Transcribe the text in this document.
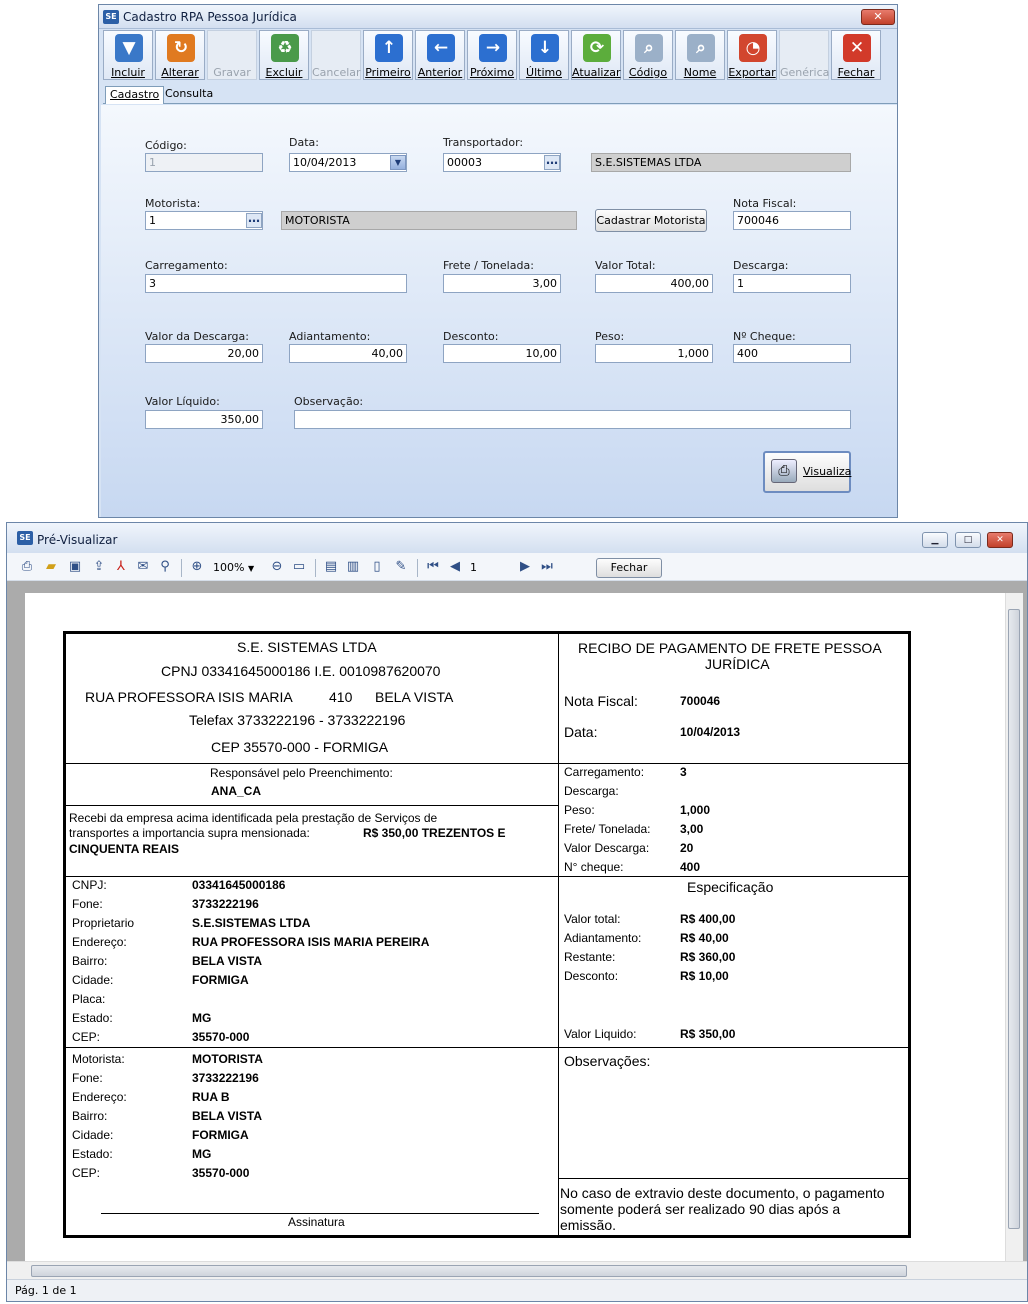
SE Cadastro RPA Pessoa Jurídica	✕
▼
Incluir
↻
Alterar	Gravar
♻
Excluir Cancelar
↑
Primeiro
←
Anterior
→
Próximo
↓
Último
⟳
Atualizar
⌕
Código
⌕
Nome
◔
Exportar Genérica
✕
Fechar
Cadastro Consulta
Código:
1
Data:
10/04/2013	▼
Transportador:
00003	…	S.E.SISTEMAS LTDA
Motorista:
1	…	MOTORISTA	Cadastrar Motorista
Nota Fiscal:
700046
Carregamento:
3
Frete / Tonelada:
3,00
Valor Total:
400,00
Descarga:
1
Valor da Descarga:
20,00
Adiantamento:
40,00
Desconto:
10,00
Peso:
1,000
Nº Cheque:
400
Valor Líquido:
350,00
Observação:
⎙	Visualiza
SE Pré-Visualizar	▁	□	✕
⎙ ▰ ▣ ⇪ ⅄ ✉ ⚲ ⊕ 100% ▼	⊖ ▭ ▤ ▥	▯	✎ ⏮ ◀ 1	▶ ⏭	Fechar
S.E. SISTEMAS LTDA
CPNJ 03341645000186 I.E. 0010987620070
RUA PROFESSORA ISIS MARIA	410 BELA VISTA
Telefax 3733222196 - 3733222196
CEP 35570-000 - FORMIGA
RECIBO DE PAGAMENTO DE FRETE PESSOA
JURÍDICA
Nota Fiscal:	700046
Data:	10/04/2013
Responsável pelo Preenchimento:
ANA_CA
Recebi da empresa acima identificada pela prestação de Serviços de
transportes a importancia supra mensionada:	R$ 350,00 TREZENTOS E
CINQUENTA REAIS
Carregamento:	3
Descarga:
Peso:	1,000
Frete/ Tonelada: 3,00
Valor Descarga:	20
N° cheque:	400
CNPJ:	03341645000186
Fone:	3733222196
Proprietario	S.E.SISTEMAS LTDA
Endereço:	RUA PROFESSORA ISIS MARIA PEREIRA
Bairro:	BELA VISTA
Cidade:	FORMIGA
Placa:
Estado:	MG
CEP:	35570-000
Especificação
Valor total:	R$ 400,00
Adiantamento:	R$ 40,00
Restante:	R$ 360,00
Desconto:	R$ 10,00
Valor Liquido:	R$ 350,00
Motorista:	MOTORISTA
Fone:	3733222196
Endereço:	RUA B
Bairro:	BELA VISTA
Cidade:	FORMIGA
Estado:	MG
CEP:	35570-000
Observações:
No caso de extravio deste documento, o pagamento
somente poderá ser realizado 90 dias após a
emissão.
Assinatura
Pág. 1 de 1
